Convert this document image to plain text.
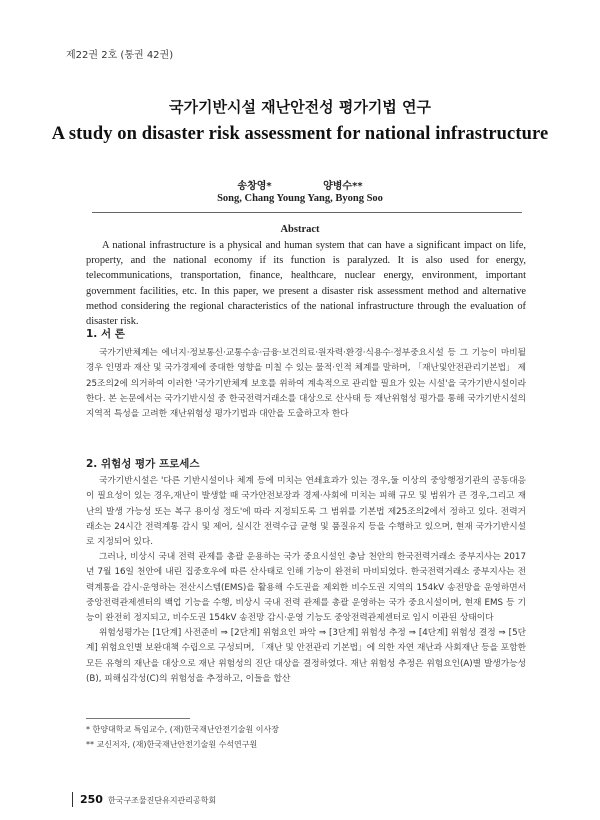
제22권 2호 (통권 42권)
국가기반시설 재난안전성 평가기법 연구
A study on disaster risk assessment for national infrastructure
송창영* 양병수**
Song, Chang Young Yang, Byong Soo
Abstract
A national infrastructure is a physical and human system that can have a significant impact on life, property, and the national economy if its function is paralyzed. It is also used for energy, telecommunications, transportation, finance, healthcare, nuclear energy, environment, important government facilities, etc. In this paper, we present a disaster risk assessment method and alternative method considering the regional characteristics of the national infrastructure through the evaluation of disaster risk.
1. 서 론
국가기반체계는 에너지·정보통신·교통수송·금융·보건의료·원자력·환경·식용수·정부중요시설 등 그 기능이 마비될 경우 인명과 재산 및 국가경제에 중대한 영향을 미칠 수 있는 물적·인적 체계를 말하며, 「재난및안전관리기본법」 제25조의2에 의거하여 이러한 '국가기반체계 보호를 위하여 계속적으로 관리할 필요가 있는 시설'을 국가기반시설이라 한다. 본 논문에서는 국가기반시설 중 한국전력거래소를 대상으로 산사태 등 재난위험성 평가를 통해 국가기반시설의 지역적 특성을 고려한 재난위험성 평가기법과 대안을 도출하고자 한다
2. 위험성 평가 프로세스
국가기반시설은 '다른 기반시설이나 체계 등에 미치는 연쇄효과가 있는 경우,둘 이상의 중앙행정기관의 공동대응이 필요성이 있는 경우,재난이 발생할 때 국가안전보장과 경제·사회에 미치는 피해 규모 및 범위가 큰 경우,그리고 재난의 발생 가능성 또는 복구 용이성 정도'에 따라 지정되도록 그 범위를 기본법 제25조의2에서 정하고 있다. 전력거래소는 24시간 전력계통 감시 및 제어, 실시간 전력수급 균형 및 품질유지 등을 수행하고 있으며, 현재 국가기반시설로 지정되어 있다.
그러나, 비상시 국내 전력 관제를 총괄 운용하는 국가 중요시설인 충남 천안의 한국전력거래소 중부지사는 2017년 7월 16일 천안에 내린 집중호우에 따른 산사태로 인해 기능이 완전히 마비되었다. 한국전력거래소 중부지사는 전력계통을 감시·운영하는 전산시스템(EMS)을 활용해 수도권을 제외한 비수도권 지역의 154kV 송전망을 운영하면서 중앙전력관제센터의 백업 기능을 수행, 비상시 국내 전력 관제를 총괄 운영하는 국가 중요시설이며, 현재 EMS 등 기능이 완전히 정지되고, 비수도권 154kV 송전망 감시·운영 기능도 중앙전력관제센터로 임시 이관된 상태이다
위험성평가는 [1단계] 사전준비 ⇒ [2단계] 위험요인 파악 ⇒ [3단계] 위험성 추정 ⇒ [4단계] 위험성 결정 ⇒ [5단계] 위험요인별 보완대책 수립으로 구성되며, 「재난 및 안전관리 기본법」에 의한 자연 재난과 사회재난 등을 포함한 모든 유형의 재난을 대상으로 재난 위험성의 진단 대상을 결정하였다. 재난 위험성 추정은 위험요인(A)별 발생가능성(B), 피해심각성(C)의 위험성을 추정하고, 이들을 합산
* 한양대학교 특임교수, (재)한국재난안전기술원 이사장
** 교신저자, (재)한국재난안전기술원 수석연구원
250 한국구조물진단유지관리공학회
